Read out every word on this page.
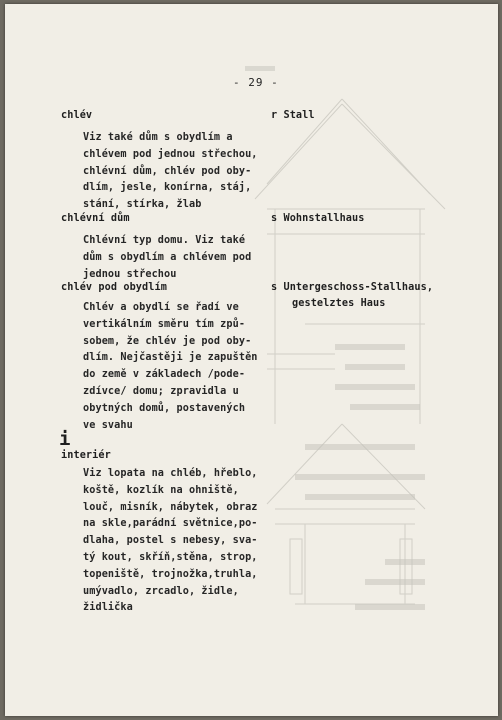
- 29 -
chlév	r Stall
Viz také dům s obydlím a
chlévem pod jednou střechou,
chlévní dům, chlév pod oby-
dlím, jesle, konírna, stáj,
stání, stírka, žlab
chlévní dům	s Wohnstallhaus
Chlévní typ domu. Viz také
dům s obydlím a chlévem pod
jednou střechou
chlév pod obydlím	s Untergeschoss-Stallhaus,
gestelztes Haus
Chlév a obydlí se řadí ve
vertikálním směru tím způ-
sobem, že chlév je pod oby-
dlím. Nejčastěji je zapuštěn
do země v základech /pode-
zdívce/ domu; zpravidla u
obytných domů, postavených
ve svahu
i
interiér
Viz lopata na chléb, hřeblo,
koště, kozlík na ohniště,
louč, misník, nábytek, obraz
na skle,parádní světnice,po-
dlaha, postel s nebesy, sva-
tý kout, skříň,stěna, strop,
topeniště, trojnožka,truhla,
umývadlo, zrcadlo, židle,
židlička
